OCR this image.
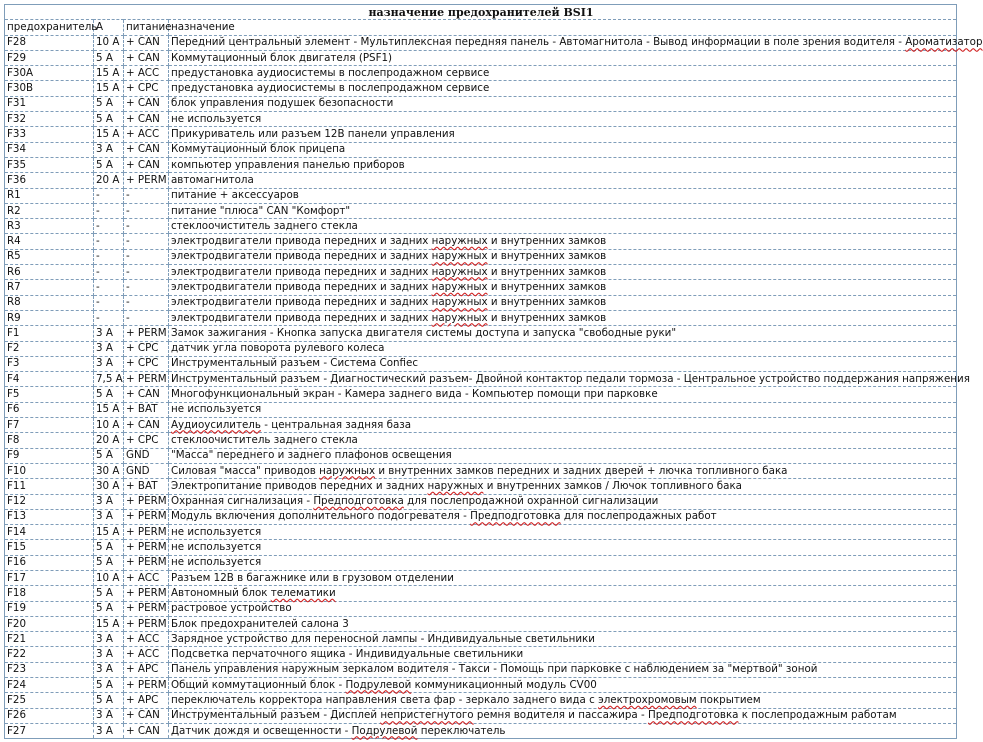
назначение предохранителей BSI1			
предохранитель	A	питание	назначение
F28	10 A	+ CAN	Передний центральный элемент - Мультиплексная передняя панель - Автомагнитола - Вывод информации в поле зрения водителя - Ароматизатор
F29	5 A	+ CAN	Коммутационный блок двигателя (PSF1)
F30A	15 A	+ ACC	предустановка аудиосистемы в послепродажном сервисе
F30B	15 A	+ CPC	предустановка аудиосистемы в послепродажном сервисе
F31	5 A	+ CAN	блок управления подушек безопасности
F32	5 A	+ CAN	не используется
F33	15 A	+ ACC	Прикуриватель или разъем 12В панели управления
F34	3 A	+ CAN	Коммутационный блок прицепа
F35	5 A	+ CAN	компьютер управления панелью приборов
F36	20 A	+ PERM	автомагнитола
R1	-	-	питание + аксессуаров
R2	-	-	питание "плюса" CAN "Комфорт"
R3	-	-	стеклоочиститель заднего стекла
R4	-	-	электродвигатели привода передних и задних наружных и внутренних замков
R5	-	-	электродвигатели привода передних и задних наружных и внутренних замков
R6	-	-	электродвигатели привода передних и задних наружных и внутренних замков
R7	-	-	электродвигатели привода передних и задних наружных и внутренних замков
R8	-	-	электродвигатели привода передних и задних наружных и внутренних замков
R9	-	-	электродвигатели привода передних и задних наружных и внутренних замков
F1	3 A	+ PERM	Замок зажигания - Кнопка запуска двигателя системы доступа и запуска "свободные руки"
F2	3 A	+ CPC	датчик угла поворота рулевого колеса
F3	3 A	+ CPC	Инструментальный разъем - Система Confiec
F4	7,5 A	+ PERM	Инструментальный разъем - Диагностический разъем- Двойной контактор педали тормоза - Центральное устройство поддержания напряжения
F5	5 A	+ CAN	Многофункциональный экран - Камера заднего вида - Компьютер помощи при парковке
F6	15 A	+ BAT	не используется
F7	10 A	+ CAN	Аудиоусилитель - центральная задняя база
F8	20 A	+ CPC	стеклоочиститель заднего стекла
F9	5 A	GND	"Масса" переднего и заднего плафонов освещения
F10	30 A	GND	Силовая "масса" приводов наружных и внутренних замков передних и задних дверей + лючка топливного бака
F11	30 A	+ BAT	Электропитание приводов передних и задних наружных и внутренних замков / Лючок топливного бака
F12	3 A	+ PERM	Охранная сигнализация - Предподготовка для послепродажной охранной сигнализации
F13	3 A	+ PERM	Модуль включения дополнительного подогревателя - Предподготовка для послепродажных работ
F14	15 A	+ PERM	не используется
F15	5 A	+ PERM	не используется
F16	5 A	+ PERM	не используется
F17	10 A	+ ACC	Разъем 12В в багажнике или в грузовом отделении
F18	5 A	+ PERM	Автономный блок телематики
F19	5 A	+ PERM	растровое устройство
F20	15 A	+ PERM	Блок предохранителей салона 3
F21	3 A	+ ACC	Зарядное устройство для переносной лампы - Индивидуальные светильники
F22	3 A	+ ACC	Подсветка перчаточного ящика - Индивидуальные светильники
F23	3 A	+ APC	Панель управления наружным зеркалом водителя - Такси - Помощь при парковке с наблюдением за "мертвой" зоной
F24	5 A	+ PERM	Общий коммутационный блок - Подрулевой коммуникационный модуль CV00
F25	5 A	+ APC	переключатель корректора направления света фар - зеркало заднего вида с электрохромовым покрытием
F26	3 A	+ CAN	Инструментальный разъем - Дисплей непристегнутого ремня водителя и пассажира - Предподготовка к послепродажным работам
F27	3 A	+ CAN	Датчик дождя и освещенности - Подрулевой переключатель
